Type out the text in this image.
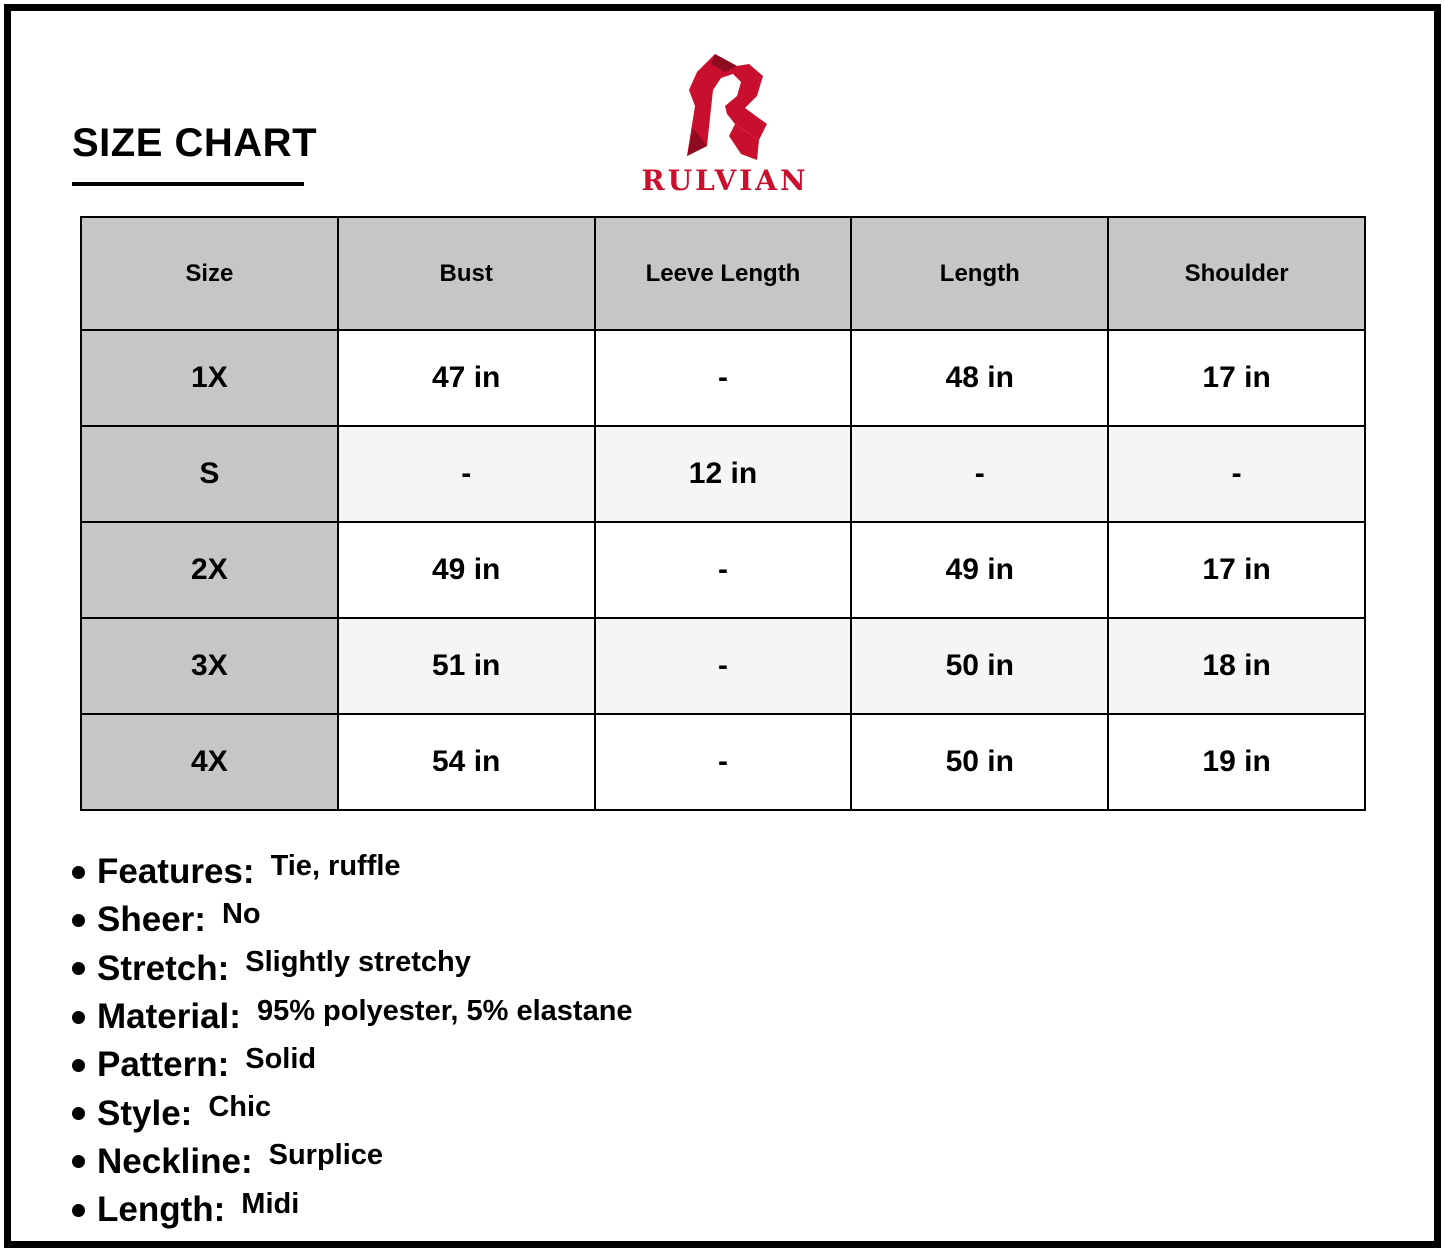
SIZE CHART
RULVIAN
Size	Bust	Leeve Length	Length	Shoulder
1X	47 in	-	48 in	17 in
S	-	12 in	-	-
2X	49 in	-	49 in	17 in
3X	51 in	-	50 in	18 in
4X	54 in	-	50 in	19 in
Features: Tie, ruffle
Sheer: No
Stretch: Slightly stretchy
Material: 95% polyester, 5% elastane
Pattern: Solid
Style: Chic
Neckline: Surplice
Length: Midi
